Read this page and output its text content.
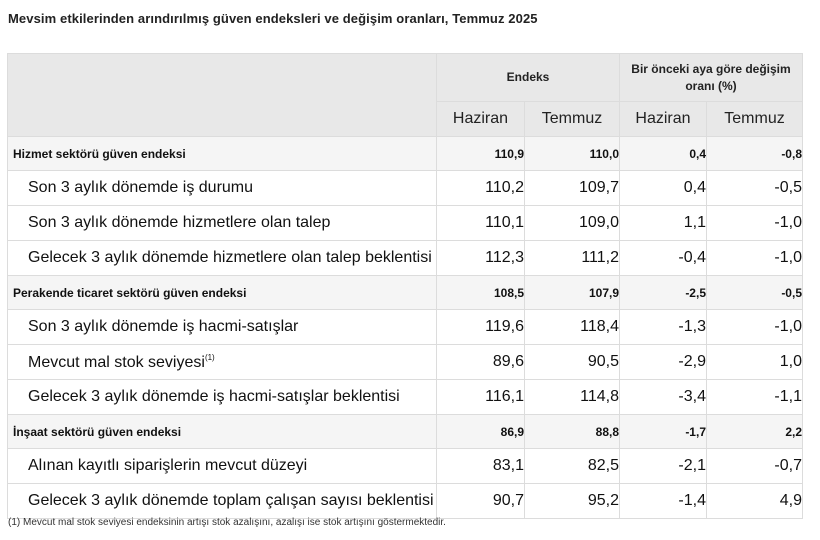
Mevsim etkilerinden arındırılmış güven endeksleri ve değişim oranları, Temmuz 2025
	Endeks		Bir önceki aya göre değişim
oranı (%)	

	Haziran	Temmuz	Haziran	Temmuz
Hizmet sektörü güven endeksi	110,9	110,0	0,4	-0,8
Son 3 aylık dönemde iş durumu	110,2	109,7	0,4	-0,5
Son 3 aylık dönemde hizmetlere olan talep	110,1	109,0	1,1	-1,0
Gelecek 3 aylık dönemde hizmetlere olan talep beklentisi	112,3	111,2	-0,4	-1,0
Perakende ticaret sektörü güven endeksi	108,5	107,9	-2,5	-0,5
Son 3 aylık dönemde iş hacmi-satışlar	119,6	118,4	-1,3	-1,0
Mevcut mal stok seviyesi$^{(1)}$	89,6	90,5	-2,9	1,0
Gelecek 3 aylık dönemde iş hacmi-satışlar beklentisi	116,1	114,8	-3,4	-1,1
İnşaat sektörü güven endeksi	86,9	88,8	-1,7	2,2
Alınan kayıtlı siparişlerin mevcut düzeyi	83,1	82,5	-2,1	-0,7
Gelecek 3 aylık dönemde toplam çalışan sayısı beklentisi	90,7	95,2	-1,4	4,9
(1) Mevcut mal stok seviyesi endeksinin artışı stok azalışını, azalışı ise stok artışını göstermektedir.
